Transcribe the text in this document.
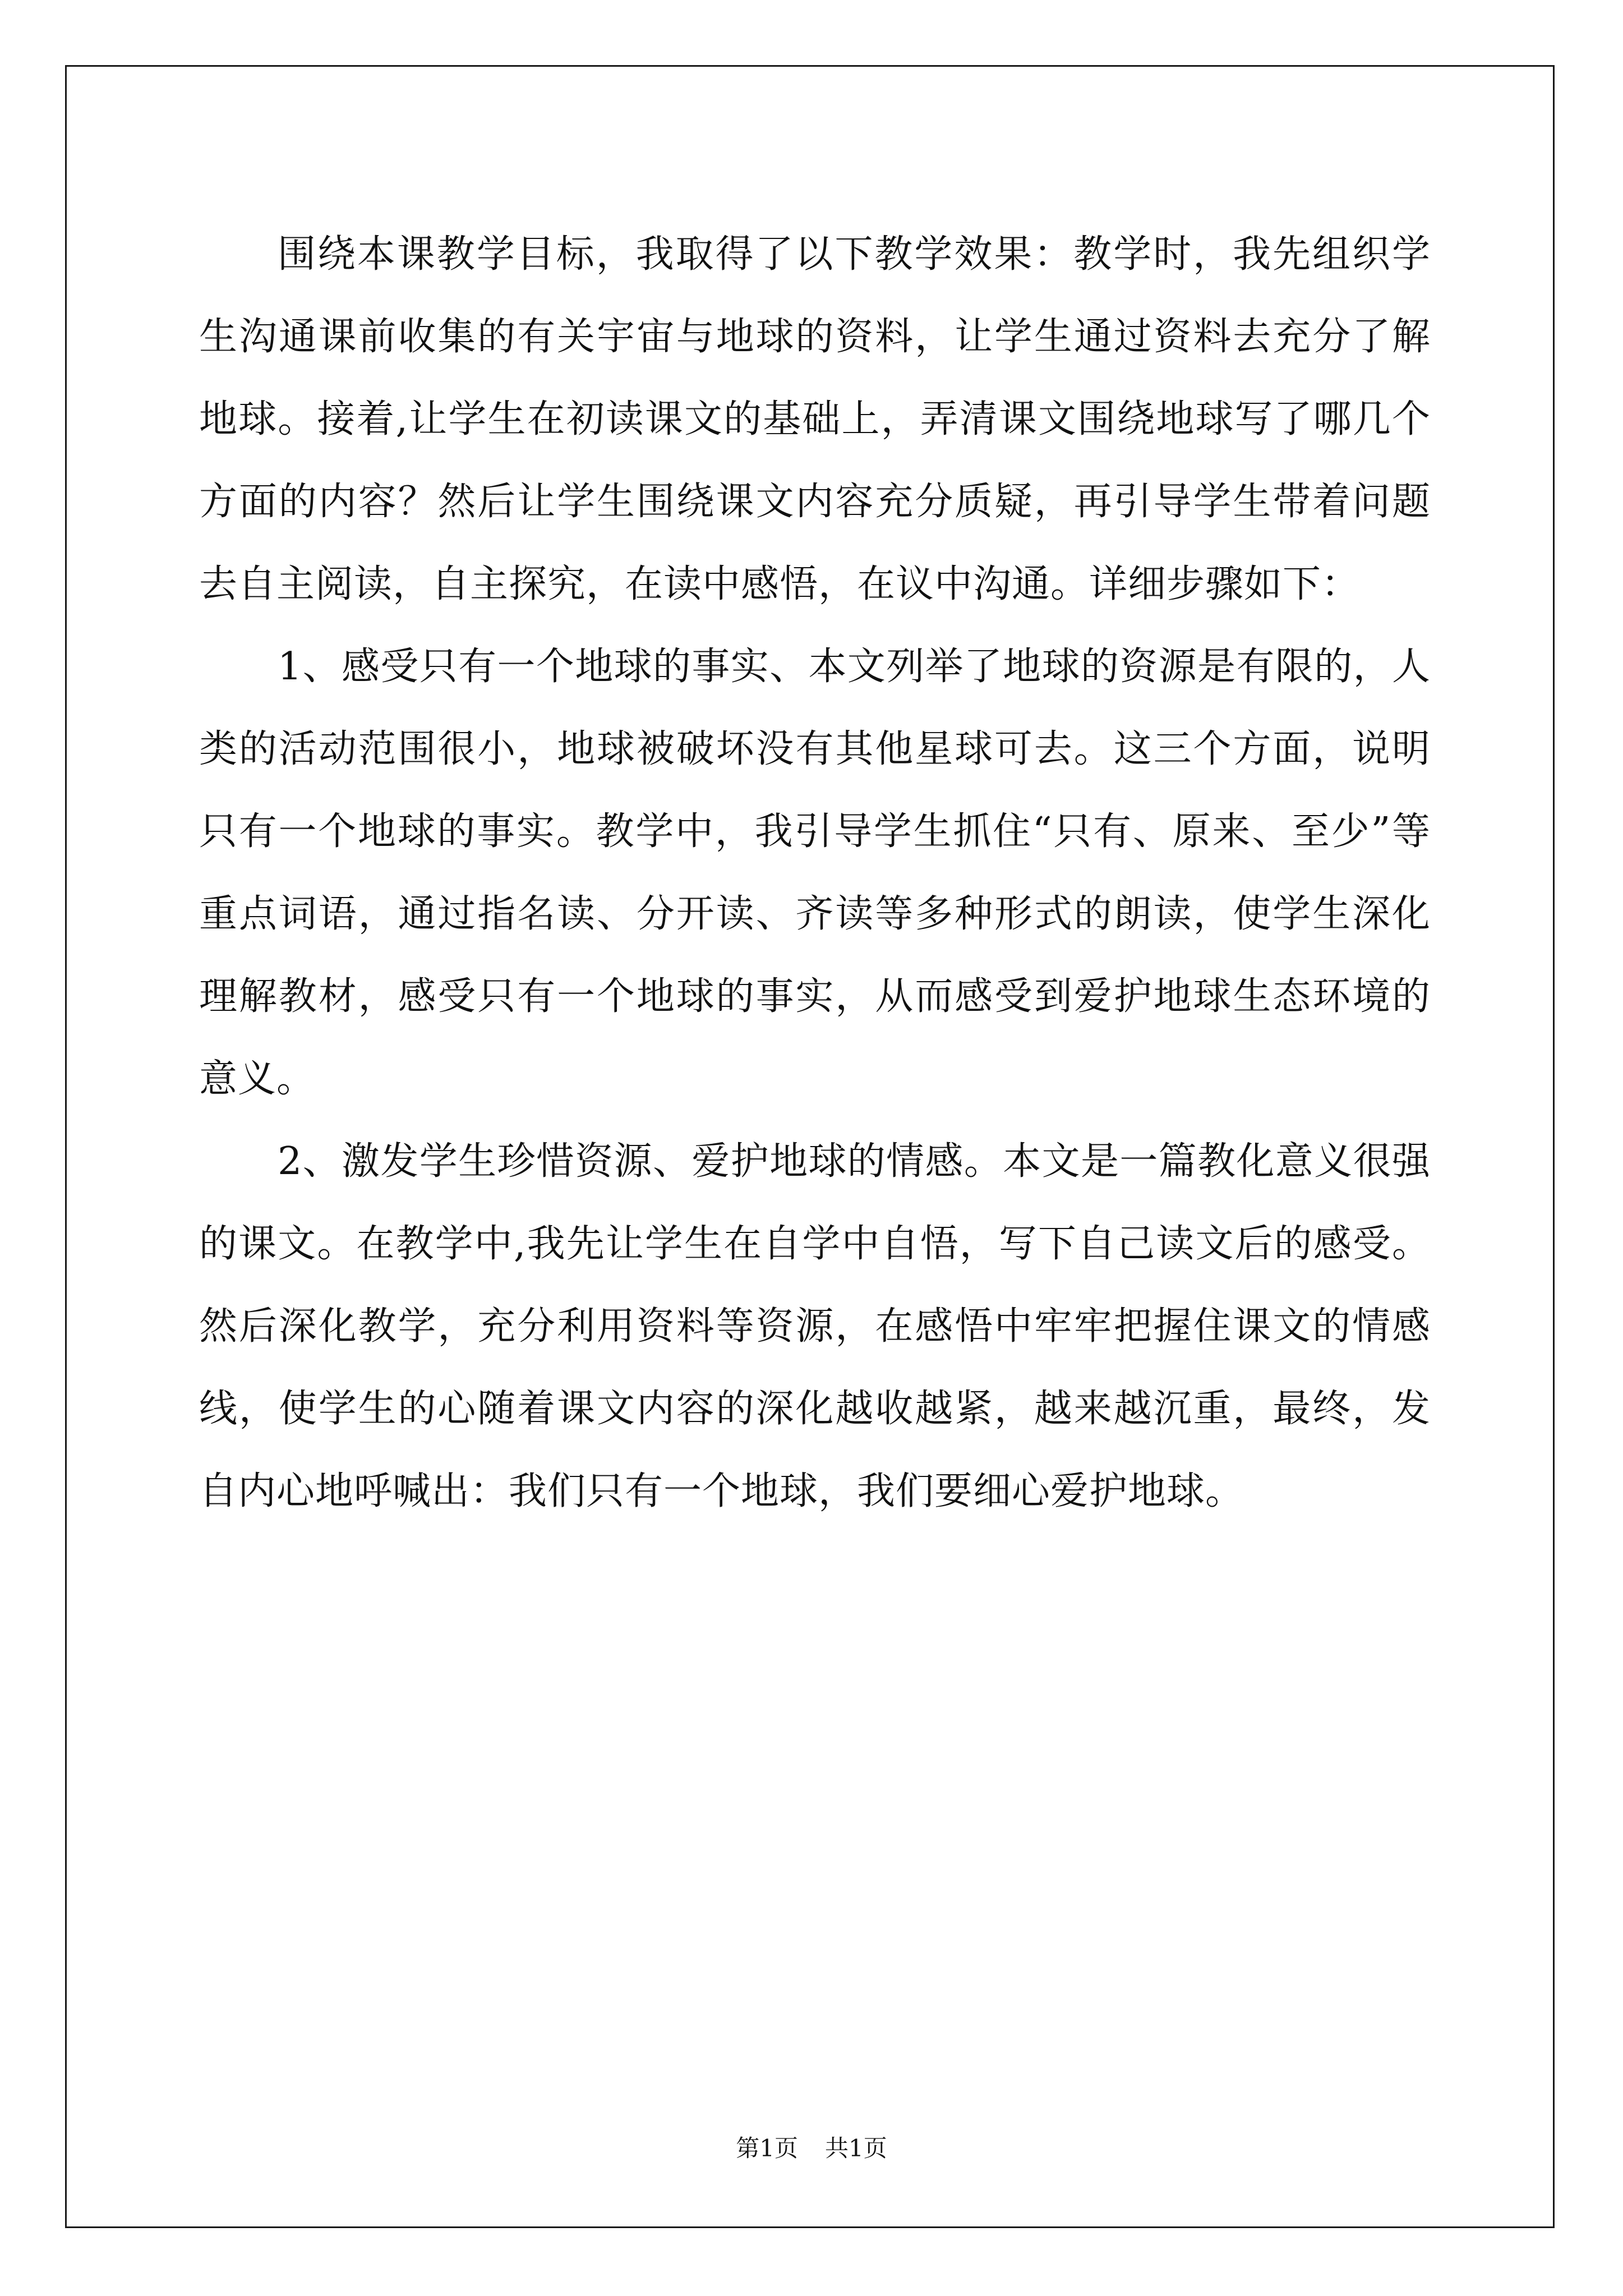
围绕本课教学目标，我取得了以下教学效果：教学时，我先组织学生沟通课前收集的有关宇宙与地球的资料，让学生通过资料去充分了解地球。接着,让学生在初读课文的基础上，弄清课文围绕地球写了哪几个方面的内容？然后让学生围绕课文内容充分质疑，再引导学生带着问题去自主阅读，自主探究，在读中感悟，在议中沟通。详细步骤如下：

1、感受只有一个地球的事实、本文列举了地球的资源是有限的，人类的活动范围很小，地球被破坏没有其他星球可去。这三个方面，说明只有一个地球的事实。教学中，我引导学生抓住“只有、原来、至少”等重点词语，通过指名读、分开读、齐读等多种形式的朗读，使学生深化理解教材，感受只有一个地球的事实，从而感受到爱护地球生态环境的意义。

2、激发学生珍惜资源、爱护地球的情感。本文是一篇教化意义很强的课文。在教学中,我先让学生在自学中自悟，写下自己读文后的感受。然后深化教学，充分利用资料等资源，在感悟中牢牢把握住课文的情感线，使学生的心随着课文内容的深化越收越紧，越来越沉重，最终，发自内心地呼喊出：我们只有一个地球，我们要细心爱护地球。

第1页 共1页
